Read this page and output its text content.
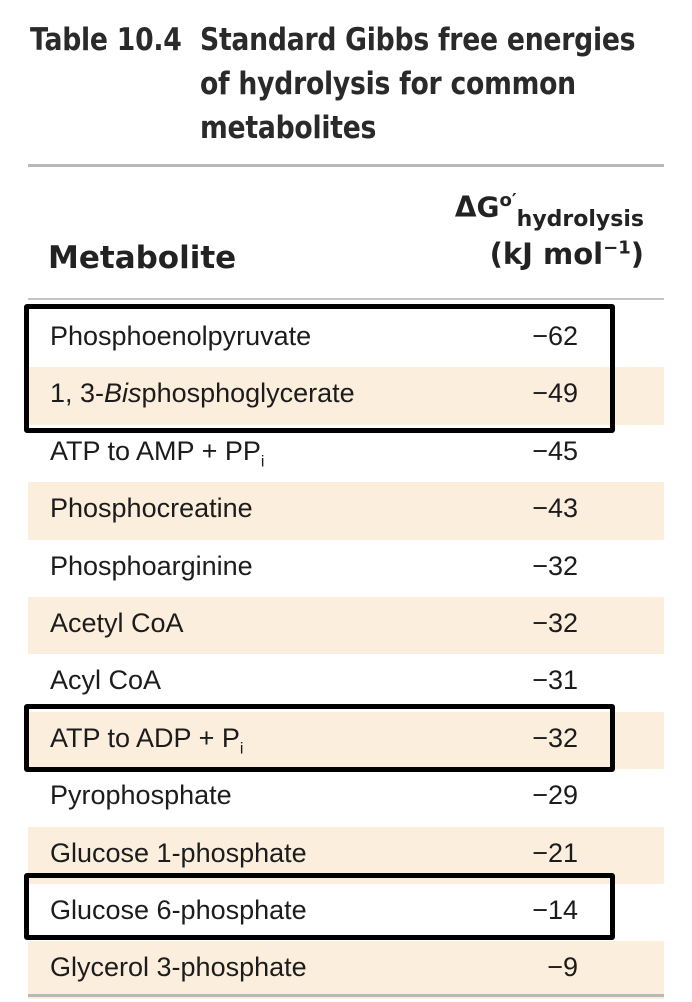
Table 10.4 Standard Gibbs free energies
of hydrolysis for common
metabolites
Metabolite
$\Delta G^{o'}_{hydrolysis}$
(kJ mol$^{-1}$)
Phosphoenolpyruvate	−62
1, 3-Bisphosphoglycerate	−49
ATP to AMP + $PP_i$	−45
Phosphocreatine	−43
Phosphoarginine	−32
Acetyl CoA	−32
Acyl CoA	−31
ATP to ADP + $P_i$	−32
Pyrophosphate	−29
Glucose 1-phosphate	−21
Glucose 6-phosphate	−14
Glycerol 3-phosphate	−9
